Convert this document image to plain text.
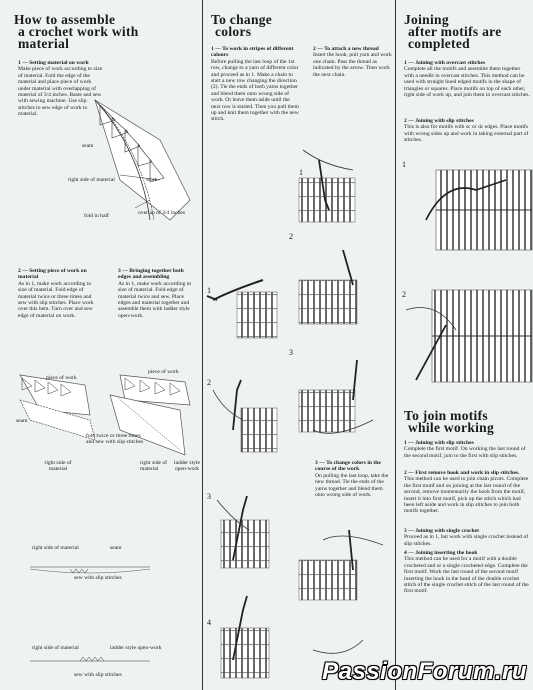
How to assemble
a crochet work with
material
1 — Setting material on work
Make piece of work according to size of material. Fold the edge of the material and place piece of work under material with overlapping of material of 3/4 inches. Baste and sew with sewing machine. Use slip stitches to sew edge of work to material.
seam
right side of material	work
fold in half	overlap of 3/4 inches
2 — Setting piece of work on material
As in 1, make work according to size of material. Fold edge of material twice or three times and sew with slip stitches. Place work over this hem. Turn over and sew edge of material on work.
3 — Bringing together both edges and assembling
As in 1, make work according to size of material. Fold edge of material twice and sew. Place edges and material together and assemble them with ladder style open-work.
piece of work
piece of work
seam
fold twice or three times and sew with slip stitches
right side of material
right side of material
ladder style open-work
right side of material	seam
sew with slip stitches
right side of material	ladder style open-work
sew with slip stitches
To change
colors
1 — To work in stripes of different colours
Before pulling the last loop of the 1st row, change to a yarn of different color and proceed as in 1. Make a chain to start a new row changing the direction (2). Tie the ends of both yarns together and blend them onto wrong side of work. Or leave them aside until the next row is started. Then you pull them up and knit them together with the new stitch.
2 — To attach a new thread
Insert the hook, pull yarn and work one chain. Pass the thread as indicated by the arrow. Then work the next chain.
3 — To change colors in the course of the work
On pulling the last loop, take the new thread. Tie the ends of the yarns together and blend them onto wrong side of work.
1
2
3
4
1
2
3
Joining
after motifs are
completed
1 — Joining with overcast stitches
Complete all the motifs and assemble them together with a needle in overcast stitches. This method can be used with straight lined edged motifs in the shape of triangles or squares. Place motifs on top of each other, right side of work up, and join them in overcast stitches.
2 — Joining with slip stitches
This is also for motifs with sc or dc edges. Place motifs with wrong sides up and work in taking external part of stitches.
1
2
To join motifs
while working
1 — Joining with slip stitches
Complete the first motif. On working the last round of the second motif, join to the first with slip stitches.
2 — First remove hook and work in slip stitches.
This method can be used to join chain pícots. Complete the first motif and on joining at the last round of the second, remove momentarily the hook from the motif, insert it into first motif, pick up the stitch which had been left aside and work in slip stitches to join both motifs together.
3 — Joining with single crochet
Proceed as in 1, but work with single crochet instead of slip stitches.
4 — Joining inserting the hook
This method can be used for a motif with a double crocheted and or a single crocheted edge. Complete the first motif. Work the last round of the second motif inserting the hook in the head of the double crochet stitch of the single crochet stitch of the last round of the first motif.
PassionForum.ru
